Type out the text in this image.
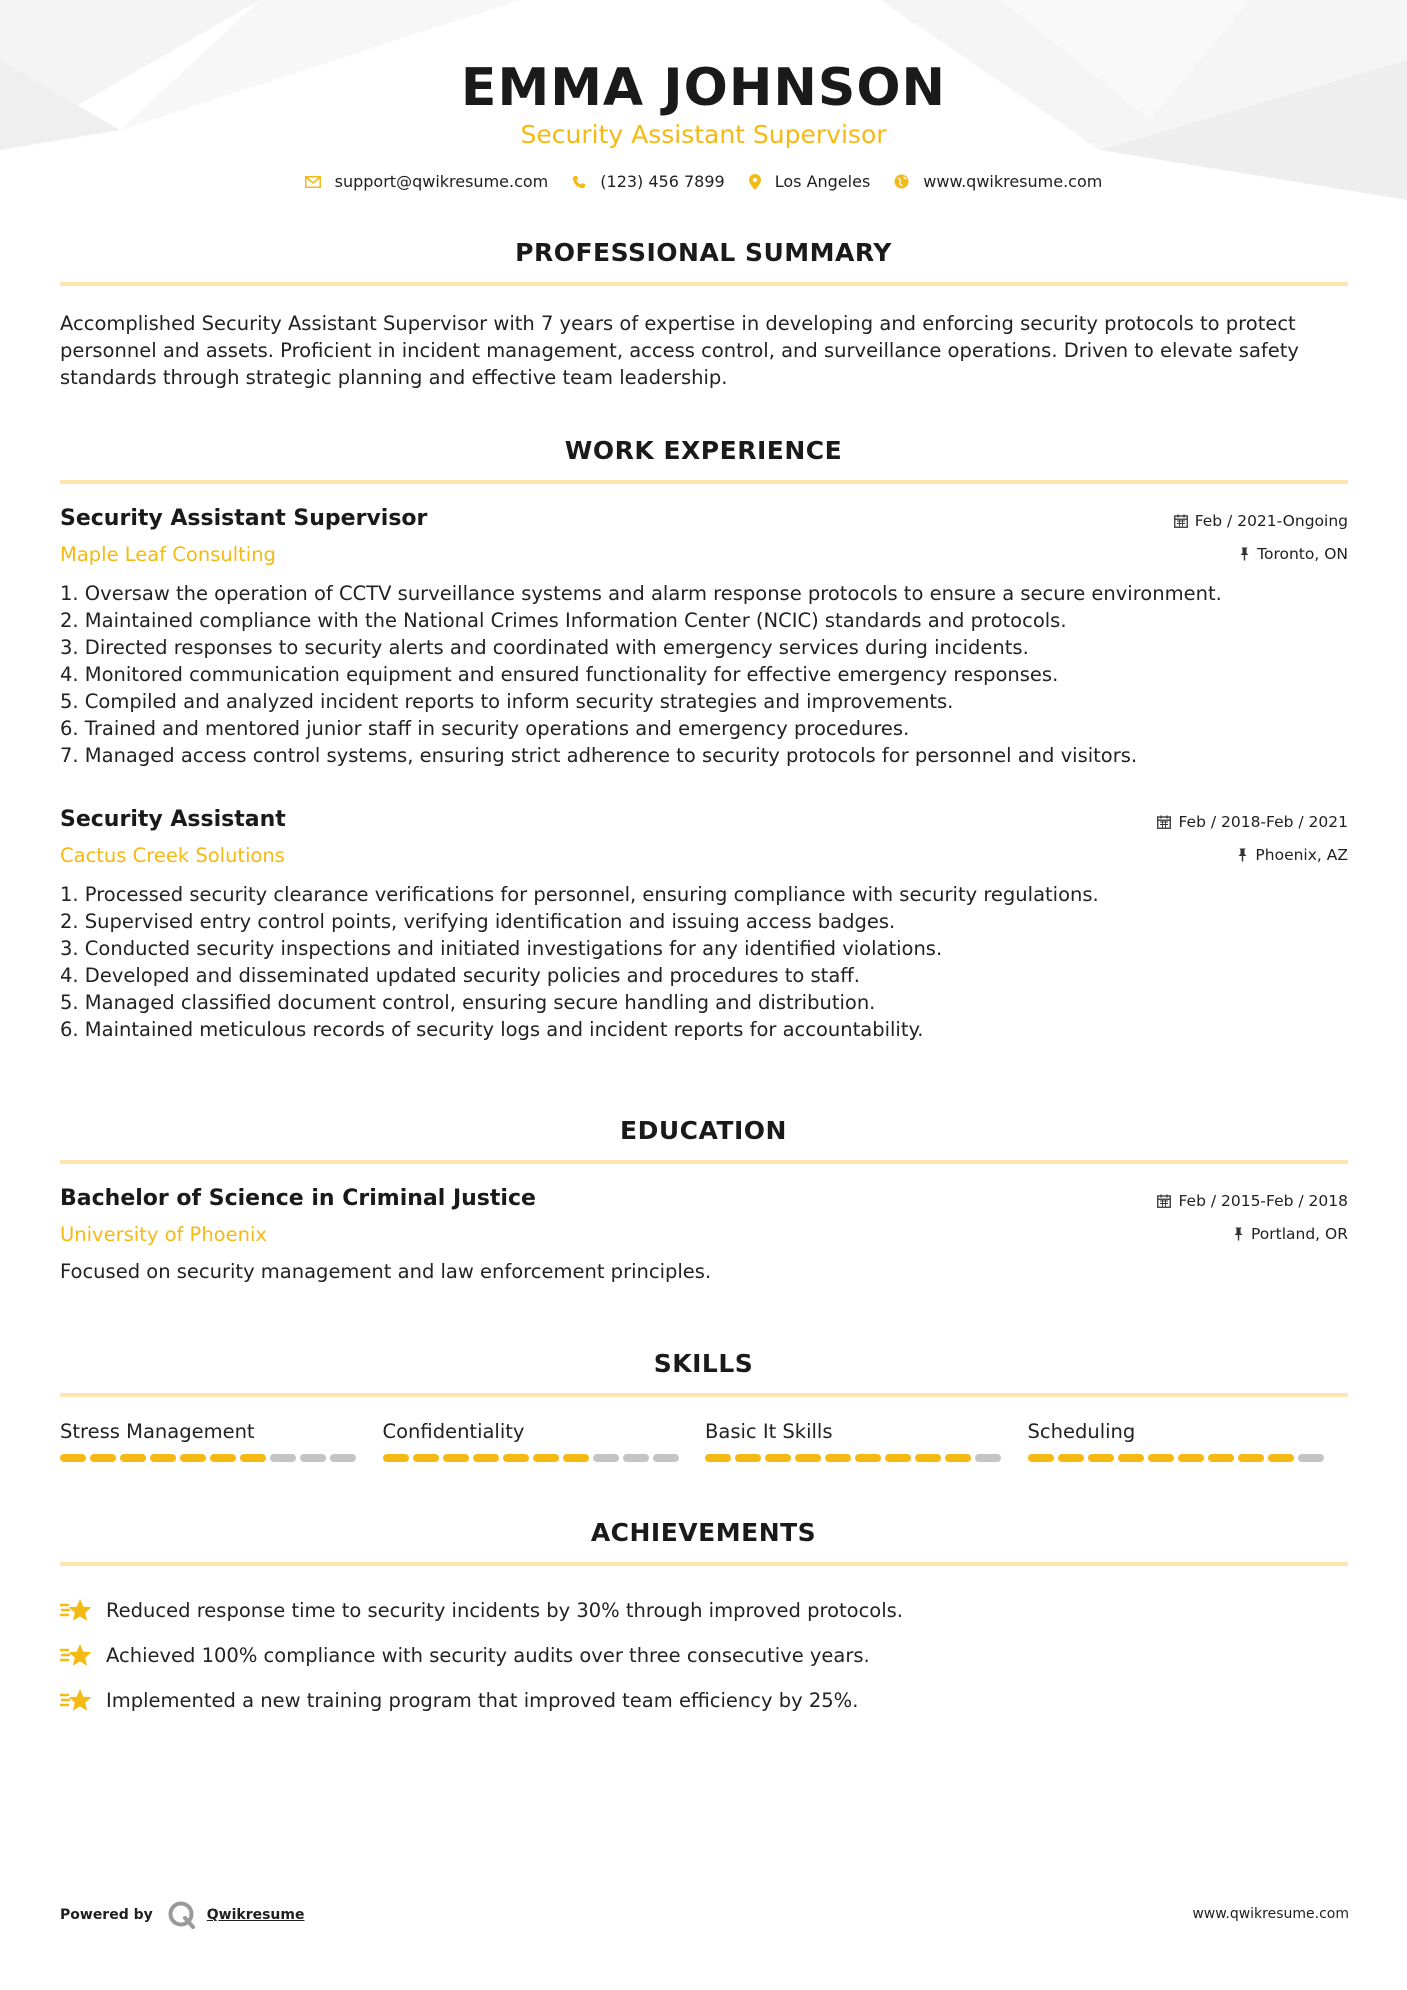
EMMA JOHNSON
Security Assistant Supervisor
support@qwikresume.com	(123) 456 7899	Los Angeles	www.qwikresume.com
PROFESSIONAL SUMMARY
Accomplished Security Assistant Supervisor with 7 years of expertise in developing and enforcing security protocols to protect personnel and assets. Proficient in incident management, access control, and surveillance operations. Driven to elevate safety standards through strategic planning and effective team leadership.
WORK EXPERIENCE
Security Assistant Supervisor
Maple Leaf Consulting
Feb / 2021-Ongoing
Toronto, ON
1. Oversaw the operation of CCTV surveillance systems and alarm response protocols to ensure a secure environment.
2. Maintained compliance with the National Crimes Information Center (NCIC) standards and protocols.
3. Directed responses to security alerts and coordinated with emergency services during incidents.
4. Monitored communication equipment and ensured functionality for effective emergency responses.
5. Compiled and analyzed incident reports to inform security strategies and improvements.
6. Trained and mentored junior staff in security operations and emergency procedures.
7. Managed access control systems, ensuring strict adherence to security protocols for personnel and visitors.
Security Assistant
Cactus Creek Solutions
Feb / 2018-Feb / 2021
Phoenix, AZ
1. Processed security clearance verifications for personnel, ensuring compliance with security regulations.
2. Supervised entry control points, verifying identification and issuing access badges.
3. Conducted security inspections and initiated investigations for any identified violations.
4. Developed and disseminated updated security policies and procedures to staff.
5. Managed classified document control, ensuring secure handling and distribution.
6. Maintained meticulous records of security logs and incident reports for accountability.
EDUCATION
Bachelor of Science in Criminal Justice
University of Phoenix
Feb / 2015-Feb / 2018
Portland, OR
Focused on security management and law enforcement principles.
SKILLS
Stress Management	Confidentiality	Basic It Skills	Scheduling
ACHIEVEMENTS
Reduced response time to security incidents by 30% through improved protocols.
Achieved 100% compliance with security audits over three consecutive years.
Implemented a new training program that improved team efficiency by 25%.
Powered by	Qwikresume	www.qwikresume.com
